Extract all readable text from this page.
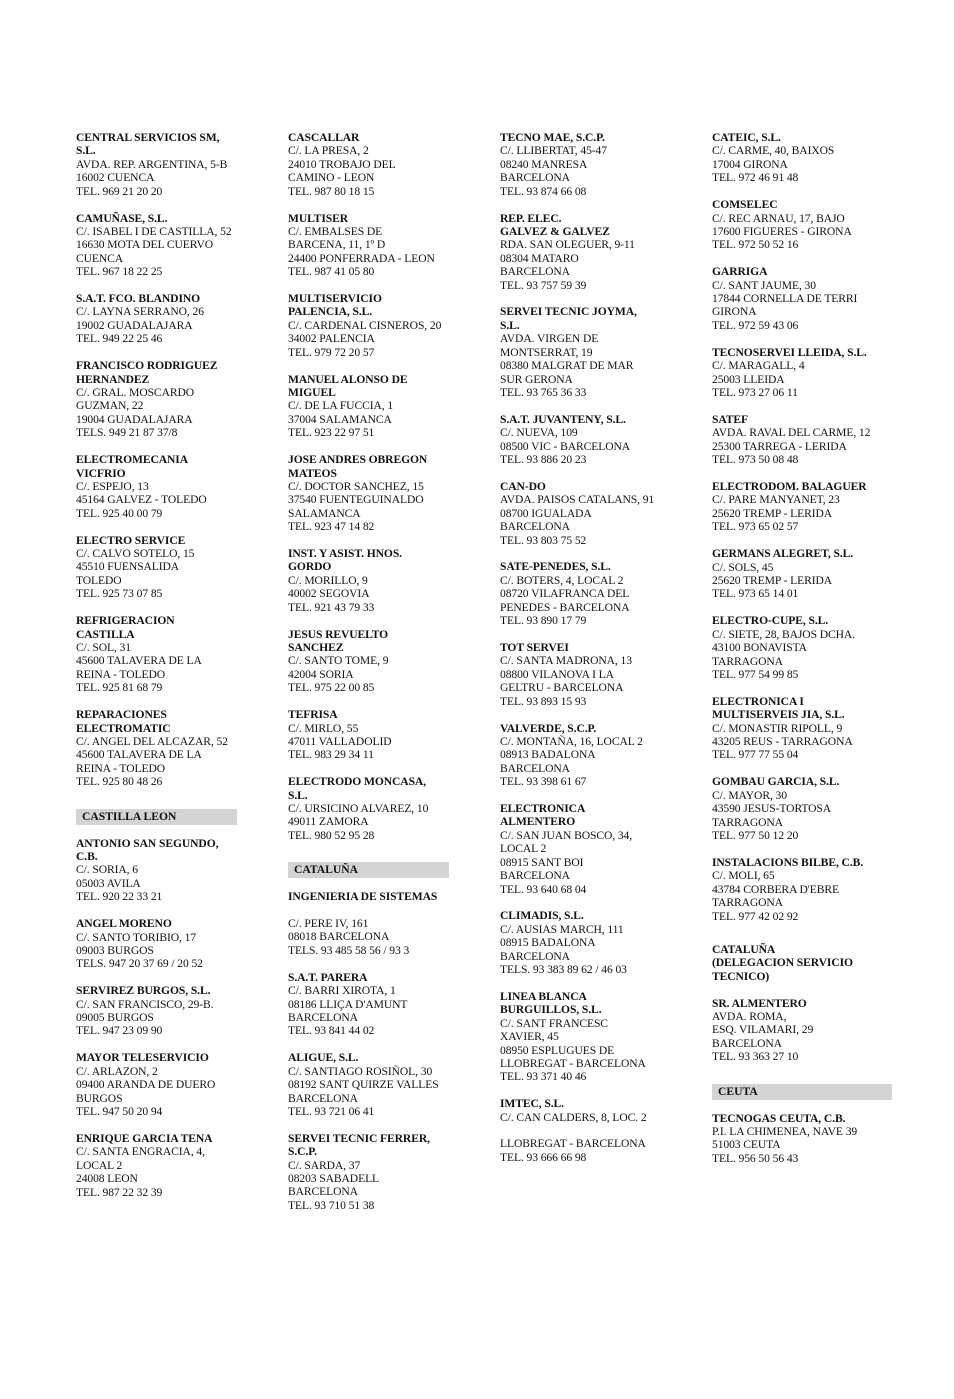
CENTRAL SERVICIOS SM,
S.L.
AVDA. REP. ARGENTINA, 5-B
16002 CUENCA
TEL. 969 21 20 20
CAMUÑASE, S.L.
C/. ISABEL I DE CASTILLA, 52
16630 MOTA DEL CUERVO
CUENCA
TEL. 967 18 22 25
S.A.T. FCO. BLANDINO
C/. LAYNA SERRANO, 26
19002 GUADALAJARA
TEL. 949 22 25 46
FRANCISCO RODRIGUEZ
HERNANDEZ
C/. GRAL. MOSCARDO
GUZMAN, 22
19004 GUADALAJARA
TELS. 949 21 87 37/8
ELECTROMECANIA
VICFRIO
C/. ESPEJO, 13
45164 GALVEZ - TOLEDO
TEL. 925 40 00 79
ELECTRO SERVICE
C/. CALVO SOTELO, 15
45510 FUENSALIDA
TOLEDO
TEL. 925 73 07 85
REFRIGERACION
CASTILLA
C/. SOL, 31
45600 TALAVERA DE LA
REINA - TOLEDO
TEL. 925 81 68 79
REPARACIONES
ELECTROMATIC
C/. ANGEL DEL ALCAZAR, 52
45600 TALAVERA DE LA
REINA - TOLEDO
TEL. 925 80 48 26
CASTILLA LEON
ANTONIO SAN SEGUNDO,
C.B.
C/. SORIA, 6
05003 AVILA
TEL. 920 22 33 21
ANGEL MORENO
C/. SANTO TORIBIO, 17
09003 BURGOS
TELS. 947 20 37 69 / 20 52
SERVIREZ BURGOS, S.L.
C/. SAN FRANCISCO, 29-B.
09005 BURGOS
TEL. 947 23 09 90
MAYOR TELESERVICIO
C/. ARLAZON, 2
09400 ARANDA DE DUERO
BURGOS
TEL. 947 50 20 94
ENRIQUE GARCIA TENA
C/. SANTA ENGRACIA, 4,
LOCAL 2
24008 LEON
TEL. 987 22 32 39
CASCALLAR
C/. LA PRESA, 2
24010 TROBAJO DEL
CAMINO - LEON
TEL. 987 80 18 15
MULTISER
C/. EMBALSES DE
BARCENA, 11, 1º D
24400 PONFERRADA - LEON
TEL. 987 41 05 80
MULTISERVICIO
PALENCIA, S.L.
C/. CARDENAL CISNEROS, 20
34002 PALENCIA
TEL. 979 72 20 57
MANUEL ALONSO DE
MIGUEL
C/. DE LA FUCCIA, 1
37004 SALAMANCA
TEL. 923 22 97 51
JOSE ANDRES OBREGON
MATEOS
C/. DOCTOR SANCHEZ, 15
37540 FUENTEGUINALDO
SALAMANCA
TEL. 923 47 14 82
INST. Y ASIST. HNOS.
GORDO
C/. MORILLO, 9
40002 SEGOVIA
TEL. 921 43 79 33
JESUS REVUELTO
SANCHEZ
C/. SANTO TOME, 9
42004 SORIA
TEL. 975 22 00 85
TEFRISA
C/. MIRLO, 55
47011 VALLADOLID
TEL. 983 29 34 11
ELECTRODO MONCASA,
S.L.
C/. URSICINO ALVAREZ, 10
49011 ZAMORA
TEL. 980 52 95 28
CATALUÑA
INGENIERIA DE SISTEMAS
C/. PERE IV, 161
08018 BARCELONA
TELS. 93 485 58 56 / 93 3
S.A.T. PARERA
C/. BARRI XIROTA, 1
08186 LLIÇA D'AMUNT
BARCELONA
TEL. 93 841 44 02
ALIGUE, S.L.
C/. SANTIAGO ROSIÑOL, 30
08192 SANT QUIRZE VALLES
BARCELONA
TEL. 93 721 06 41
SERVEI TECNIC FERRER,
S.C.P.
C/. SARDA, 37
08203 SABADELL
BARCELONA
TEL. 93 710 51 38
TECNO MAE, S.C.P.
C/. LLIBERTAT, 45-47
08240 MANRESA
BARCELONA
TEL. 93 874 66 08
REP. ELEC.
GALVEZ & GALVEZ
RDA. SAN OLEGUER, 9-11
08304 MATARO
BARCELONA
TEL. 93 757 59 39
SERVEI TECNIC JOYMA,
S.L.
AVDA. VIRGEN DE
MONTSERRAT, 19
08380 MALGRAT DE MAR
SUR GERONA
TEL. 93 765 36 33
S.A.T. JUVANTENY, S.L.
C/. NUEVA, 109
08500 VIC - BARCELONA
TEL. 93 886 20 23
CAN-DO
AVDA. PAISOS CATALANS, 91
08700 IGUALADA
BARCELONA
TEL. 93 803 75 52
SATE-PENEDES, S.L.
C/. BOTERS, 4, LOCAL 2
08720 VILAFRANCA DEL
PENEDES - BARCELONA
TEL. 93 890 17 79
TOT SERVEI
C/. SANTA MADRONA, 13
08800 VILANOVA I LA
GELTRU - BARCELONA
TEL. 93 893 15 93
VALVERDE, S.C.P.
C/. MONTAÑA, 16, LOCAL 2
08913 BADALONA
BARCELONA
TEL. 93 398 61 67
ELECTRONICA
ALMENTERO
C/. SAN JUAN BOSCO, 34,
LOCAL 2
08915 SANT BOI
BARCELONA
TEL. 93 640 68 04
CLIMADIS, S.L.
C/. AUSIAS MARCH, 111
08915 BADALONA
BARCELONA
TELS. 93 383 89 62 / 46 03
LINEA BLANCA
BURGUILLOS, S.L.
C/. SANT FRANCESC
XAVIER, 45
08950 ESPLUGUES DE
LLOBREGAT - BARCELONA
TEL. 93 371 40 46
IMTEC, S.L.
C/. CAN CALDERS, 8, LOC. 2
LLOBREGAT - BARCELONA
TEL. 93 666 66 98
CATEIC, S.L.
C/. CARME, 40, BAIXOS
17004 GIRONA
TEL. 972 46 91 48
COMSELEC
C/. REC ARNAU, 17, BAJO
17600 FIGUERES - GIRONA
TEL. 972 50 52 16
GARRIGA
C/. SANT JAUME, 30
17844 CORNELLA DE TERRI
GIRONA
TEL. 972 59 43 06
TECNOSERVEI LLEIDA, S.L.
C/. MARAGALL, 4
25003 LLEIDA
TEL. 973 27 06 11
SATEF
AVDA. RAVAL DEL CARME, 12
25300 TARREGA - LERIDA
TEL. 973 50 08 48
ELECTRODOM. BALAGUER
C/. PARE MANYANET, 23
25620 TREMP - LERIDA
TEL. 973 65 02 57
GERMANS ALEGRET, S.L.
C/. SOLS, 45
25620 TREMP - LERIDA
TEL. 973 65 14 01
ELECTRO-CUPE, S.L.
C/. SIETE, 28, BAJOS DCHA.
43100 BONAVISTA
TARRAGONA
TEL. 977 54 99 85
ELECTRONICA I
MULTISERVEIS JIA, S.L.
C/. MONASTIR RIPOLL, 9
43205 REUS - TARRAGONA
TEL. 977 77 55 04
GOMBAU GARCIA, S.L.
C/. MAYOR, 30
43590 JESUS-TORTOSA
TARRAGONA
TEL. 977 50 12 20
INSTALACIONS BILBE, C.B.
C/. MOLI, 65
43784 CORBERA D'EBRE
TARRAGONA
TEL. 977 42 02 92
CATALUÑA
(DELEGACION SERVICIO
TECNICO)
SR. ALMENTERO
AVDA. ROMA,
ESQ. VILAMARI, 29
BARCELONA
TEL. 93 363 27 10
CEUTA
TECNOGAS CEUTA, C.B.
P.I. LA CHIMENEA, NAVE 39
51003 CEUTA
TEL. 956 50 56 43
